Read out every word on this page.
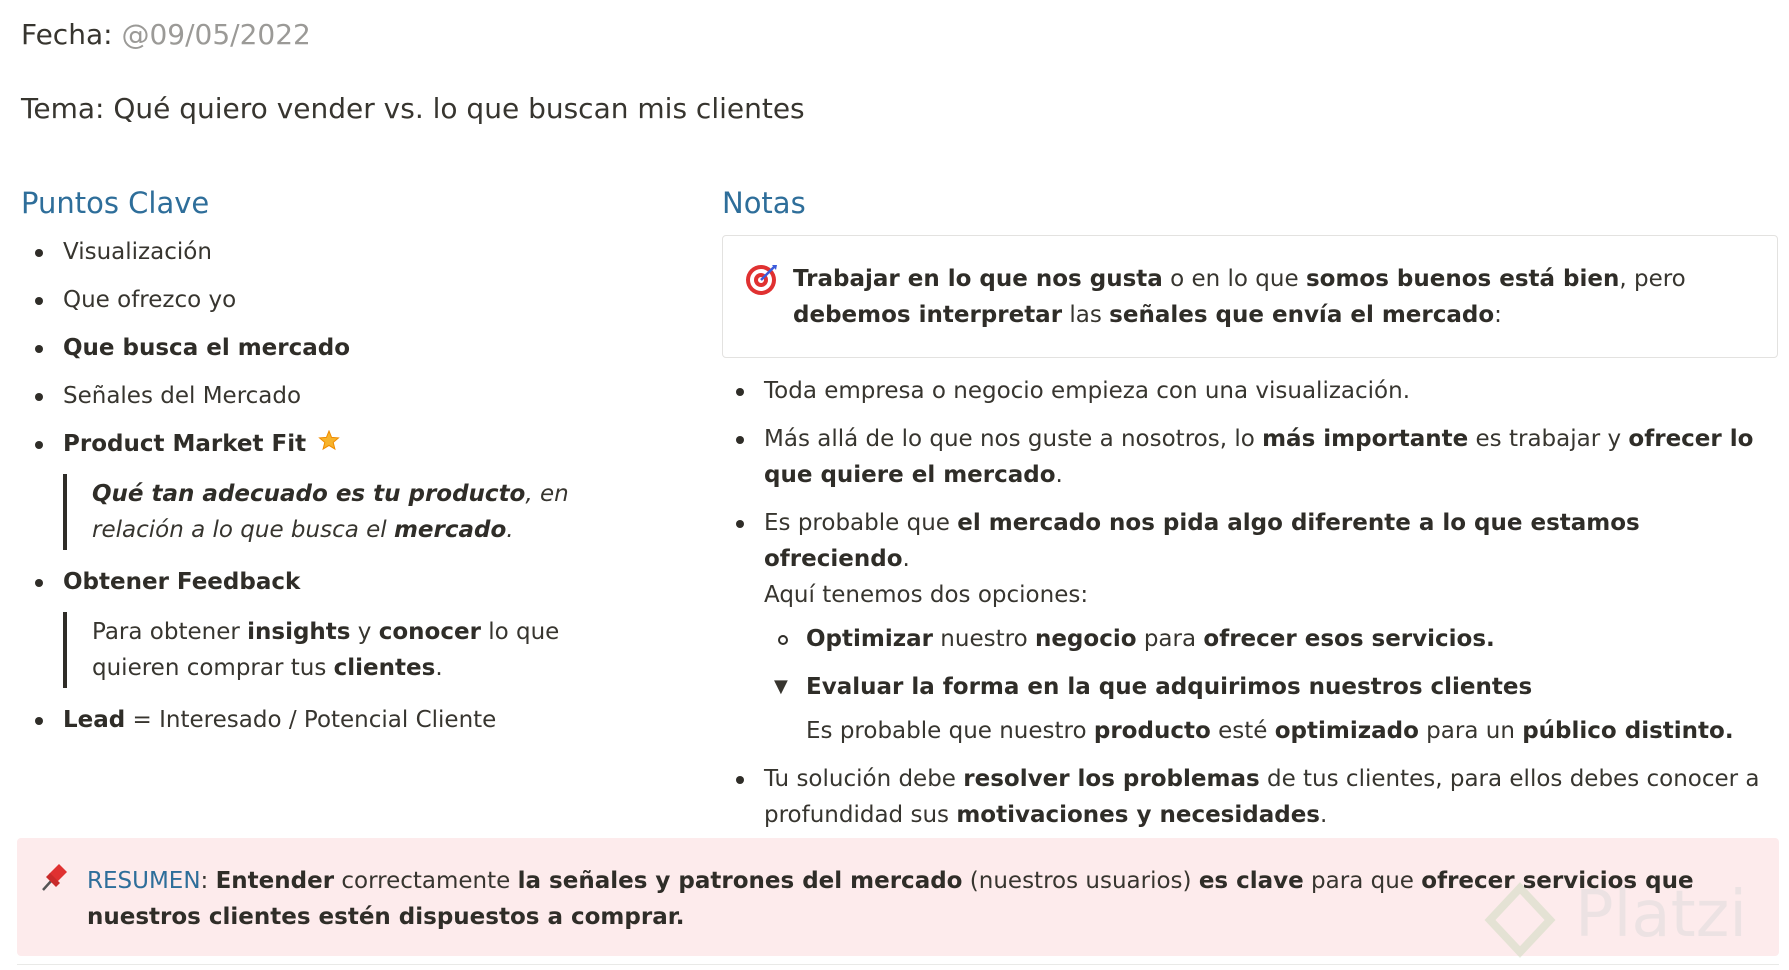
Fecha: @09/05/2022
Tema: Qué quiero vender vs. lo que buscan mis clientes
Puntos Clave
Visualización
Que ofrezco yo
Que busca el mercado
Señales del Mercado
Product Market Fit
Qué tan adecuado es tu producto, en relación a lo que busca el mercado.
Obtener Feedback
Para obtener insights y conocer lo que quieren comprar tus clientes.
Lead = Interesado / Potencial Cliente
Notas
Trabajar en lo que nos gusta o en lo que somos buenos está bien, pero debemos interpretar las señales que envía el mercado:
Toda empresa o negocio empieza con una visualización.
Más allá de lo que nos guste a nosotros, lo más importante es trabajar y ofrecer lo que quiere el mercado.
Es probable que el mercado nos pida algo diferente a lo que estamos ofreciendo.
Aquí tenemos dos opciones:
Optimizar nuestro negocio para ofrecer esos servicios.
▼ Evaluar la forma en la que adquirimos nuestros clientes
Es probable que nuestro producto esté optimizado para un público distinto.
Tu solución debe resolver los problemas de tus clientes, para ellos debes conocer a profundidad sus motivaciones y necesidades.
RESUMEN: Entender correctamente la señales y patrones del mercado (nuestros usuarios) es clave para que ofrecer servicios que nuestros clientes estén dispuestos a comprar.	Platzi
